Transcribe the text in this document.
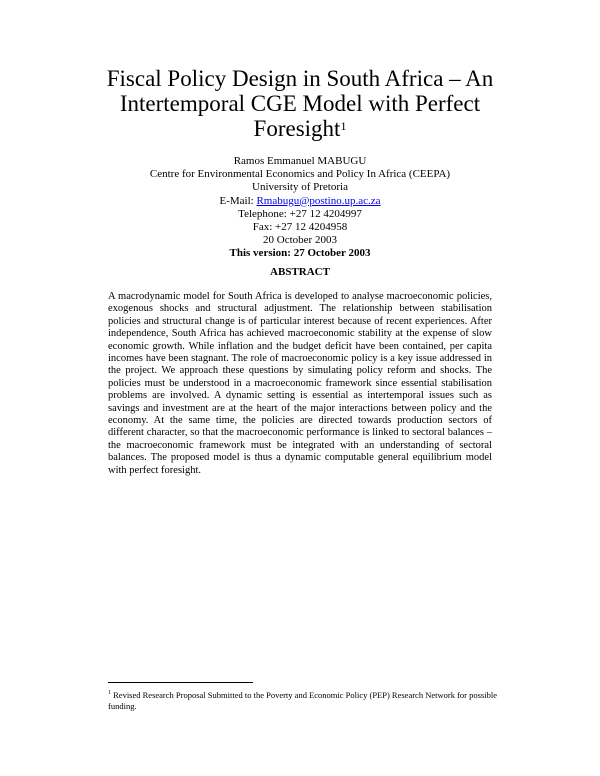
Fiscal Policy Design in South Africa – An
Intertemporal CGE Model with Perfect
Foresight$^1$
Ramos Emmanuel MABUGU
Centre for Environmental Economics and Policy In Africa (CEEPA)
University of Pretoria
E-Mail: Rmabugu@postino.up.ac.za
Telephone: +27 12 4204997
Fax: +27 12 4204958
20 October 2003
This version: 27 October 2003
ABSTRACT

A macrodynamic model for South Africa is developed to analyse macroeconomic policies, exogenous shocks and structural adjustment. The relationship between stabilisation policies and structural change is of particular interest because of recent experiences. After independence, South Africa has achieved macroeconomic stability at the expense of slow economic growth. While inflation and the budget deficit have been contained, per capita incomes have been stagnant. The role of macroeconomic policy is a key issue addressed in the project. We approach these questions by simulating policy reform and shocks. The policies must be understood in a macroeconomic framework since essential stabilisation problems are involved. A dynamic setting is essential as intertemporal issues such as savings and investment are at the heart of the major interactions between policy and the economy. At the same time, the policies are directed towards production sectors of different character, so that the macroeconomic performance is linked to sectoral balances – the macroeconomic framework must be integrated with an understanding of sectoral balances. The proposed model is thus a dynamic computable general equilibrium model with perfect foresight.

$^1$ Revised Research Proposal Submitted to the Poverty and Economic Policy (PEP) Research Network for possible funding.
